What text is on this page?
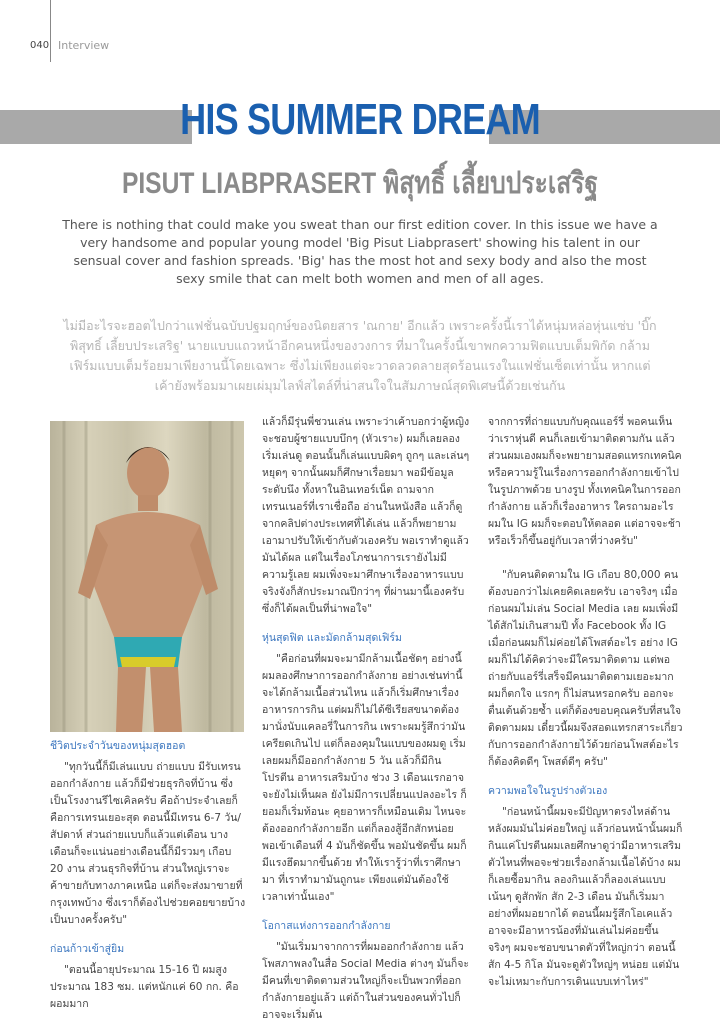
040 Interview
HIS SUMMER DREAM
PISUT LIABPRASERT พิสุทธิ์ เลี้ยบประเสริฐ
There is nothing that could make you sweat than our first edition cover. In this issue we have a very handsome and popular young model 'Big Pisut Liabprasert' showing his talent in our sensual cover and fashion spreads. 'Big' has the most hot and sexy body and also the most sexy smile that can melt both women and men of all ages.
ไม่มีอะไรจะฮอตไปกว่าแฟชั่นฉบับปฐมฤกษ์ของนิตยสาร 'ณกาย' อีกแล้ว เพราะครั้งนี้เราได้หนุ่มหล่อหุ่นแซ่บ 'บิ๊ก พิสุทธิ์ เลี้ยบประเสริฐ' นายแบบแถวหน้าอีกคนหนึ่งของวงการ ที่มาในครั้งนี้เขาพกความฟิตแบบเต็มพิกัด กล้ามเฟิร์มแบบเต็มร้อยมาเพียงานนี้โดยเฉพาะ ซึ่งไม่เพียงแต่จะวาดลวดลายสุดร้อนแรงในแฟชั่นเซ็ตเท่านั้น หากแต่เค้ายังพร้อมมาเผยเผ่มุมไลฟ์สไตล์ที่น่าสนใจในสัมภาษณ์สุดพิเศษนี้ด้วยเช่นกัน
ชีวิตประจำวันของหนุ่มสุดฮอต

"ทุกวันนี้ก็มีเล่นแบบ ถ่ายแบบ มีรับเทรนออกกำลังกาย แล้วก็มีช่วยธุรกิจที่บ้าน ซึ่งเป็นโรงงานรีไซเคิลครับ คือถ้าประจำเลยก็คือการเทรนเยอะสุด ตอนนี้มีเทรน 6-7 วัน/สัปดาห์ ส่วนถ่ายแบบก็แล้วแต่เดือน บางเดือนก็จะแน่นอย่างเดือนนี้ก็มีรวมๆ เกือบ 20 งาน ส่วนธุรกิจที่บ้าน ส่วนใหญ่เราจะค้าขายกับทางภาคเหนือ แต่ก็จะส่งมาขายที่กรุงเทพบ้าง ซึ่งเราก็ต้องไปช่วยคอยขายบ้างเป็นบางครั้งครับ"

ก่อนก้าวเข้าสู่ยิม

"ตอนนี้อายุประมาณ 15-16 ปี ผมสูงประมาณ 183 ซม. แต่หนักแค่ 60 กก. คือผอมมาก

แล้วก็มีรุ่นพี่ชวนเล่น เพราะว่าเค้าบอกว่าผู้หญิงจะชอบผู้ชายแบบบึกๆ (หัวเราะ) ผมก็เลยลองเริ่มเล่นดู ตอนนั้นก็เล่นแบบผิดๆ ถูกๆ และเล่นๆ หยุดๆ จากนั้นผมก็ศึกษาเรื่อยมา พอมีข้อมูลระดับนึง ทั้งหาในอินเทอร์เน็ต ถามจากเทรนเนอร์ที่เราเชื่อถือ อ่านในหนังสือ แล้วก็ดูจากคลิปต่างประเทศที่ได้เล่น แล้วก็พยายามเอามาปรับให้เข้ากับตัวเองครับ พอเราทำดูแล้วมันได้ผล แต่ในเรื่องโภชนาการเรายังไม่มีความรู้เลย ผมเพิ่งจะมาศึกษาเรื่องอาหารแบบจริงจังก็สักประมาณปีกว่าๆ ที่ผ่านมานี้เองครับ ซึ่งก็ได้ผลเป็นที่น่าพอใจ"

หุ่นสุดฟิต และมัดกล้ามสุดเฟิร์ม

"คือก่อนที่ผมจะมามีกล้ามเนื้อชัดๆ อย่างนี้ ผมลองศึกษาการออกกำลังกาย อย่างเช่นท่านี้จะได้กล้ามเนื้อส่วนไหน แล้วก็เริ่มศึกษาเรื่องอาหารการกิน แต่ผมก็ไม่ได้ซีเรียสขนาดต้องมานั่งนับแคลอรี่ในการกิน เพราะผมรู้สึกว่ามันเครียดเกินไป แต่ก็ลองคุมในแบบของผมดู เริ่มเลยผมก็มีออกกำลังกาย 5 วัน แล้วก็มีกินโปรตีน อาหารเสริมบ้าง ช่วง 3 เดือนแรกอาจจะยังไม่เห็นผล ยังไม่มีการเปลี่ยนแปลงอะไร ก็ยอมก็เริ่มท้อนะ คุยอาหารก็เหมือนเดิม ไหนจะต้องออกกำลังกายอีก แต่ก็ลองสู้อีกสักหน่อย พอเข้าเดือนที่ 4 มันก็ชัดขึ้น พอมันชัดขึ้น ผมก็มีแรงฮึดมากขึ้นด้วย ทำให้เรารู้ว่าที่เราศึกษามา ที่เราทำมามันถูกนะ เพียงแต่มันต้องใช้เวลาเท่านั้นเอง"

โอกาสแห่งการออกกำลังกาย

"มันเริ่มมาจากการที่ผมออกกำลังกาย แล้วโพสภาพลงในสื่อ Social Media ต่างๆ มันก็จะมีคนที่เขาติดตามส่วนใหญ่ก็จะเป็นพวกที่ออกกำลังกายอยู่แล้ว แต่ถ้าในส่วนของคนทั่วไปก็อาจจะเริ่มต้น

จากการที่ถ่ายแบบกับคุณแอร์รี่ พอคนเห็นว่าเราหุ่นดี คนก็เลยเข้ามาติดตามกัน แล้วส่วนผมเองผมก็จะพยายามสอดแทรกเทคนิค หรือความรู้ในเรื่องการออกกำลังกายเข้าไปในรูปภาพด้วย บางรูป ทั้งเทคนิคในการออกกำลังกาย แล้วก็เรื่องอาหาร ใครถามอะไรผมใน IG ผมก็จะตอบให้ตลอด แต่อาจจะช้าหรือเร็วก็ขึ้นอยู่กับเวลาที่ว่างครับ"

"กับคนติดตามใน IG เกือบ 80,000 คน ต้องบอกว่าไม่เคยคิดเลยครับ เอาจริงๆ เมื่อก่อนผมไม่เล่น Social Media เลย ผมเพิ่งมีได้สักไม่เกินสามปี ทั้ง Facebook ทั้ง IG เมื่อก่อนผมก็ไม่ค่อยได้โพสต์อะไร อย่าง IG ผมก็ไม่ได้คิดว่าจะมีใครมาติดตาม แต่พอถ่ายกับแอร์รี่เสร็จมีคนมาติดตามเยอะมาก ผมก็ตกใจ แรกๆ ก็ไม่สนหรอกครับ ออกจะตื่นเต้นด้วยซ้ำ แต่ก็ต้องขอบคุณครับที่สนใจติดตามผม เดี๋ยวนี้ผมจึงสอดแทรกสาระเกี่ยวกับการออกกำลังกายไว้ด้วยก่อนโพสต์อะไรก็ต้องคิดดีๆ โพสต์ดีๆ ครับ"

ความพอใจในรูปร่างตัวเอง

"ก่อนหน้านี้ผมจะมีปัญหาตรงไหล่ด้านหลังผมมันไม่ค่อยใหญ่ แล้วก่อนหน้านั้นผมก็กินแค่โปรตีนผมเลยศึกษาดูว่ามีอาหารเสริมตัวไหนที่พอจะช่วยเรื่องกล้ามเนื้อได้บ้าง ผมก็เลยซื้อมากิน ลองกินแล้วก็ลองเล่นแบบเน้นๆ ดูสักพัก สัก 2-3 เดือน มันก็เริ่มมาอย่างที่ผมอยากได้ ตอนนี้ผมรู้สึกโอเคแล้ว อาจจะมีอาหารน้องที่มันเล่นไม่ค่อยขึ้น จริงๆ ผมจะชอบขนาดตัวที่ใหญ่กว่า ตอนนี้สัก 4-5 กิโล มันจะดูตัวใหญ่ๆ หน่อย แต่มันจะไม่เหมาะกับการเดินแบบเท่าไหร่"
